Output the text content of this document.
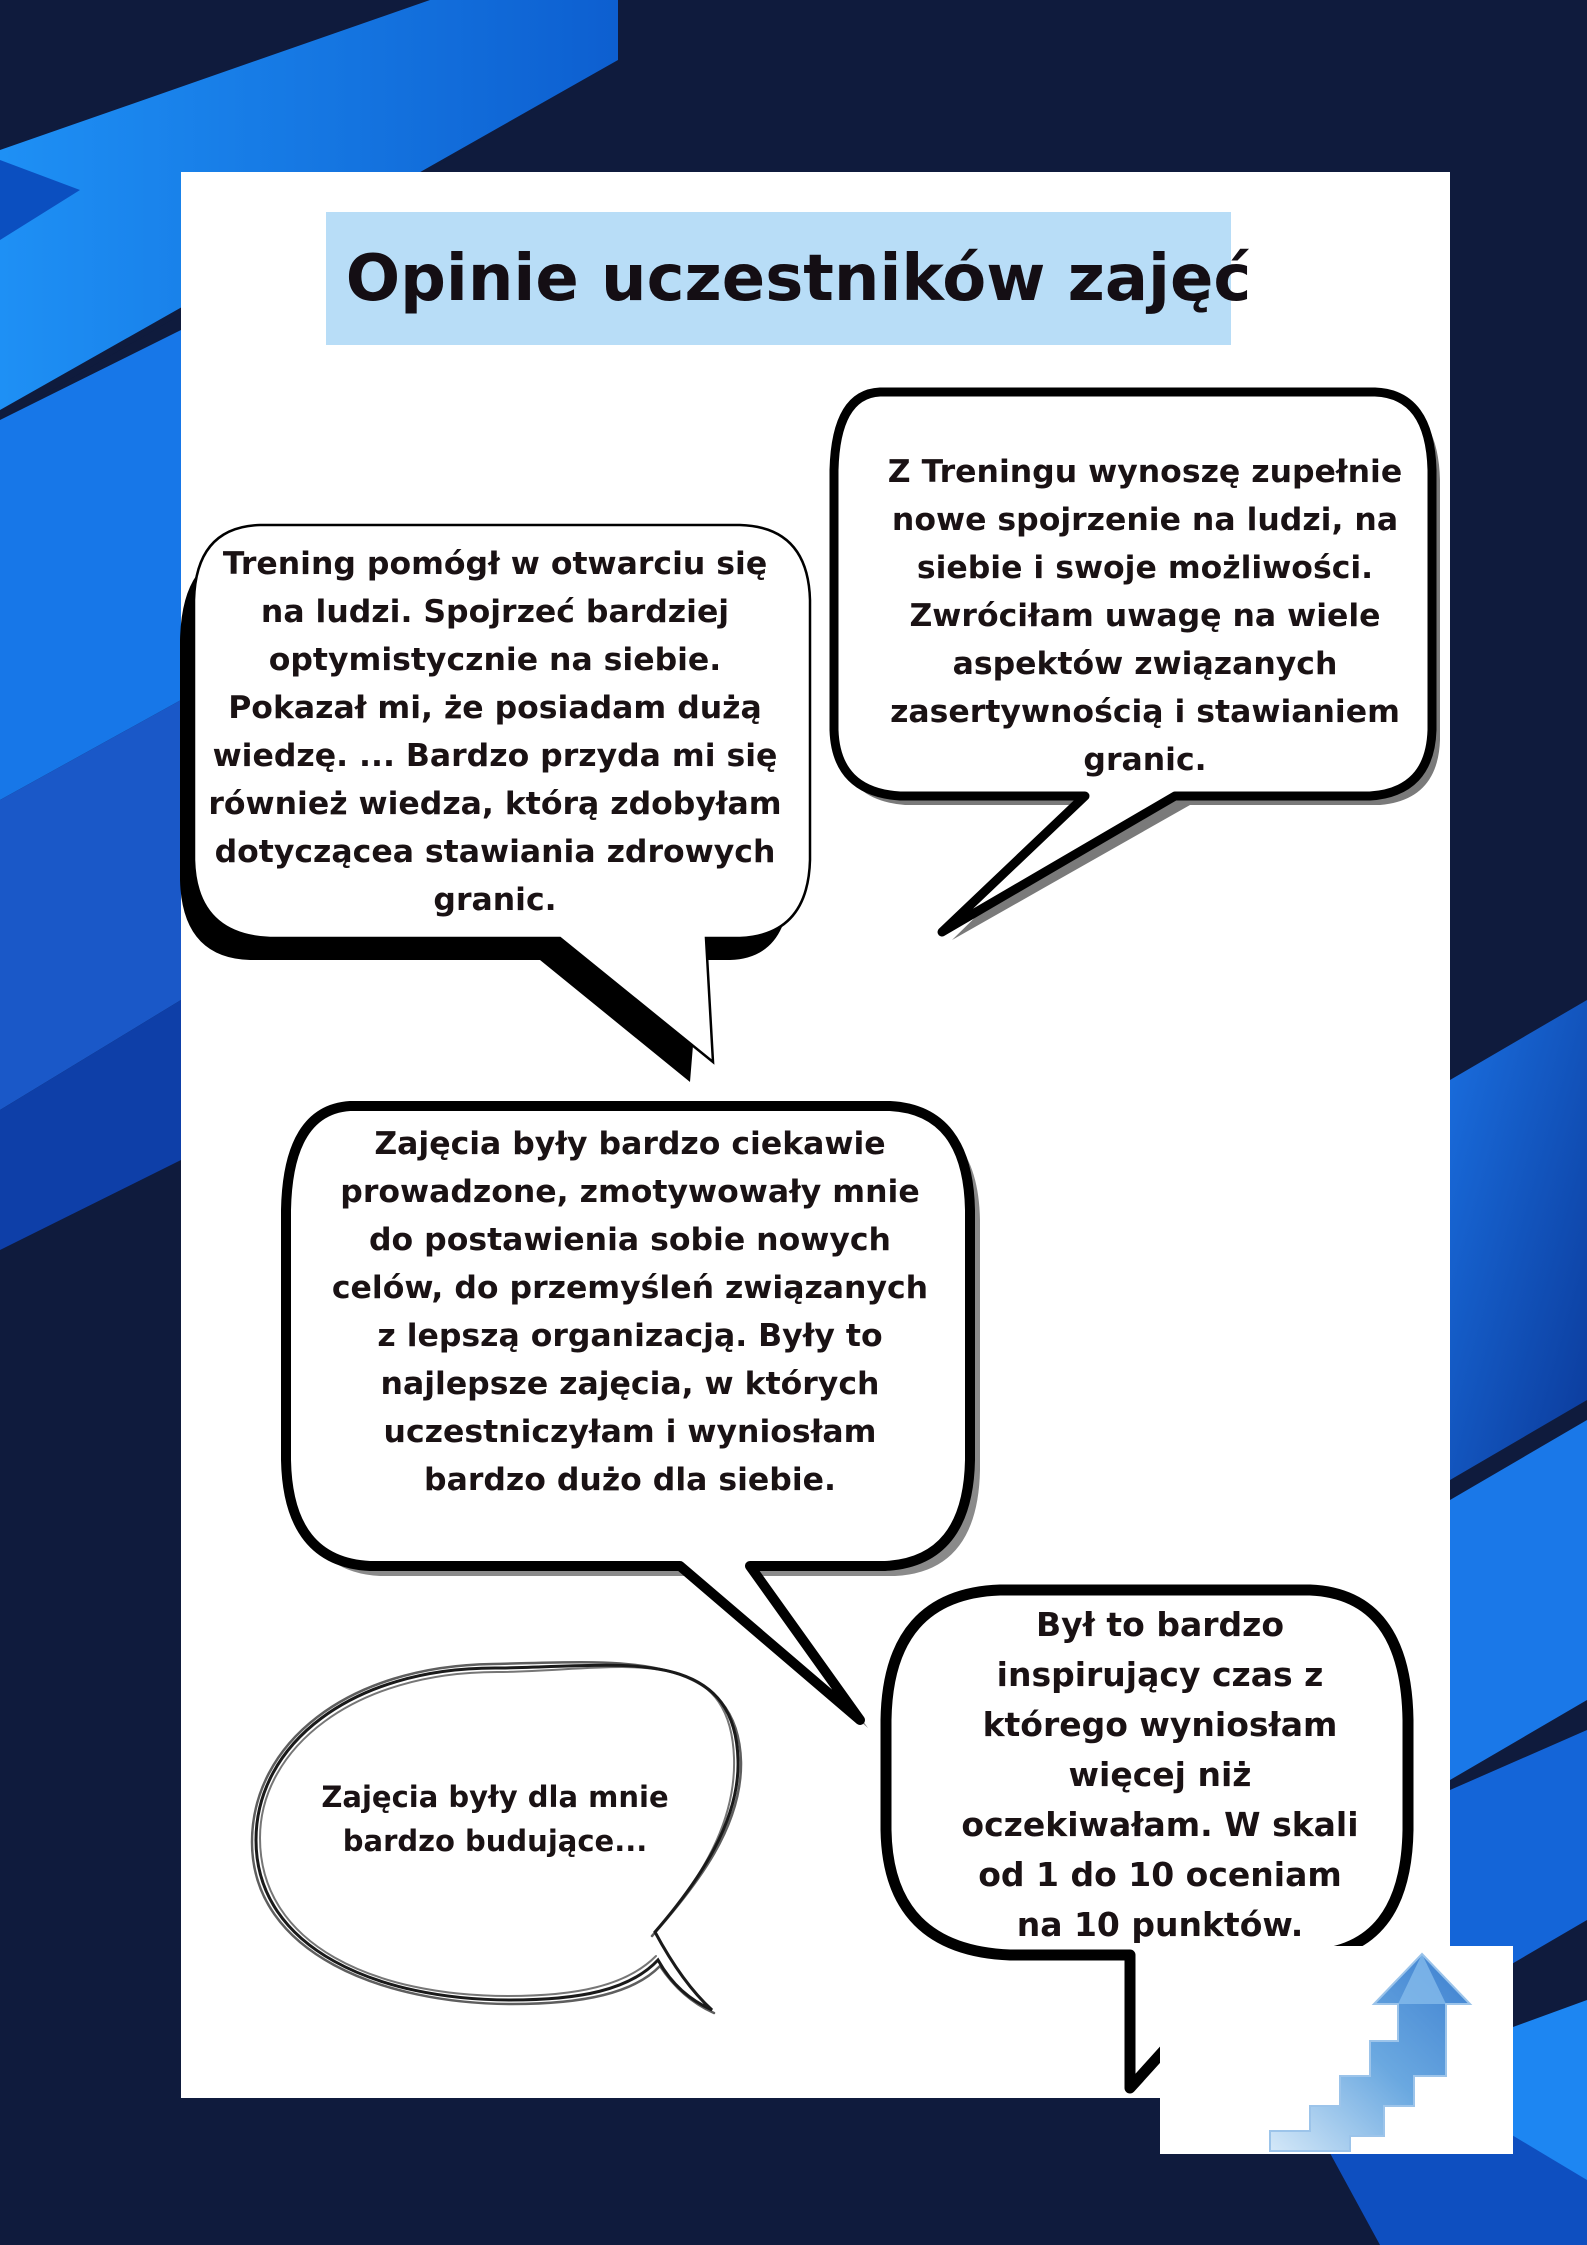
Opinie uczestników zajęć

Trening pomógł w otwarciu się na ludzi. Spojrzeć bardziej optymistycznie na siebie. Pokazał mi, że posiadam dużą wiedzę. ... Bardzo przyda mi się również wiedza, którą zdobyłam dotyczącea stawiania zdrowych granic.

Z Treningu wynoszę zupełnie nowe spojrzenie na ludzi, na siebie i swoje możliwości. Zwróciłam uwagę na wiele aspektów związanych zasertywnością i stawianiem granic.

Zajęcia były bardzo ciekawie prowadzone, zmotywowały mnie do postawienia sobie nowych celów, do przemyśleń związanych z lepszą organizacją. Były to najlepsze zajęcia, w których uczestniczyłam i wyniosłam bardzo dużo dla siebie.

Zajęcia były dla mnie bardzo budujące...

Był to bardzo inspirujący czas z którego wyniosłam więcej niż oczekiwałam. W skali od 1 do 10 oceniam na 10 punktów.
